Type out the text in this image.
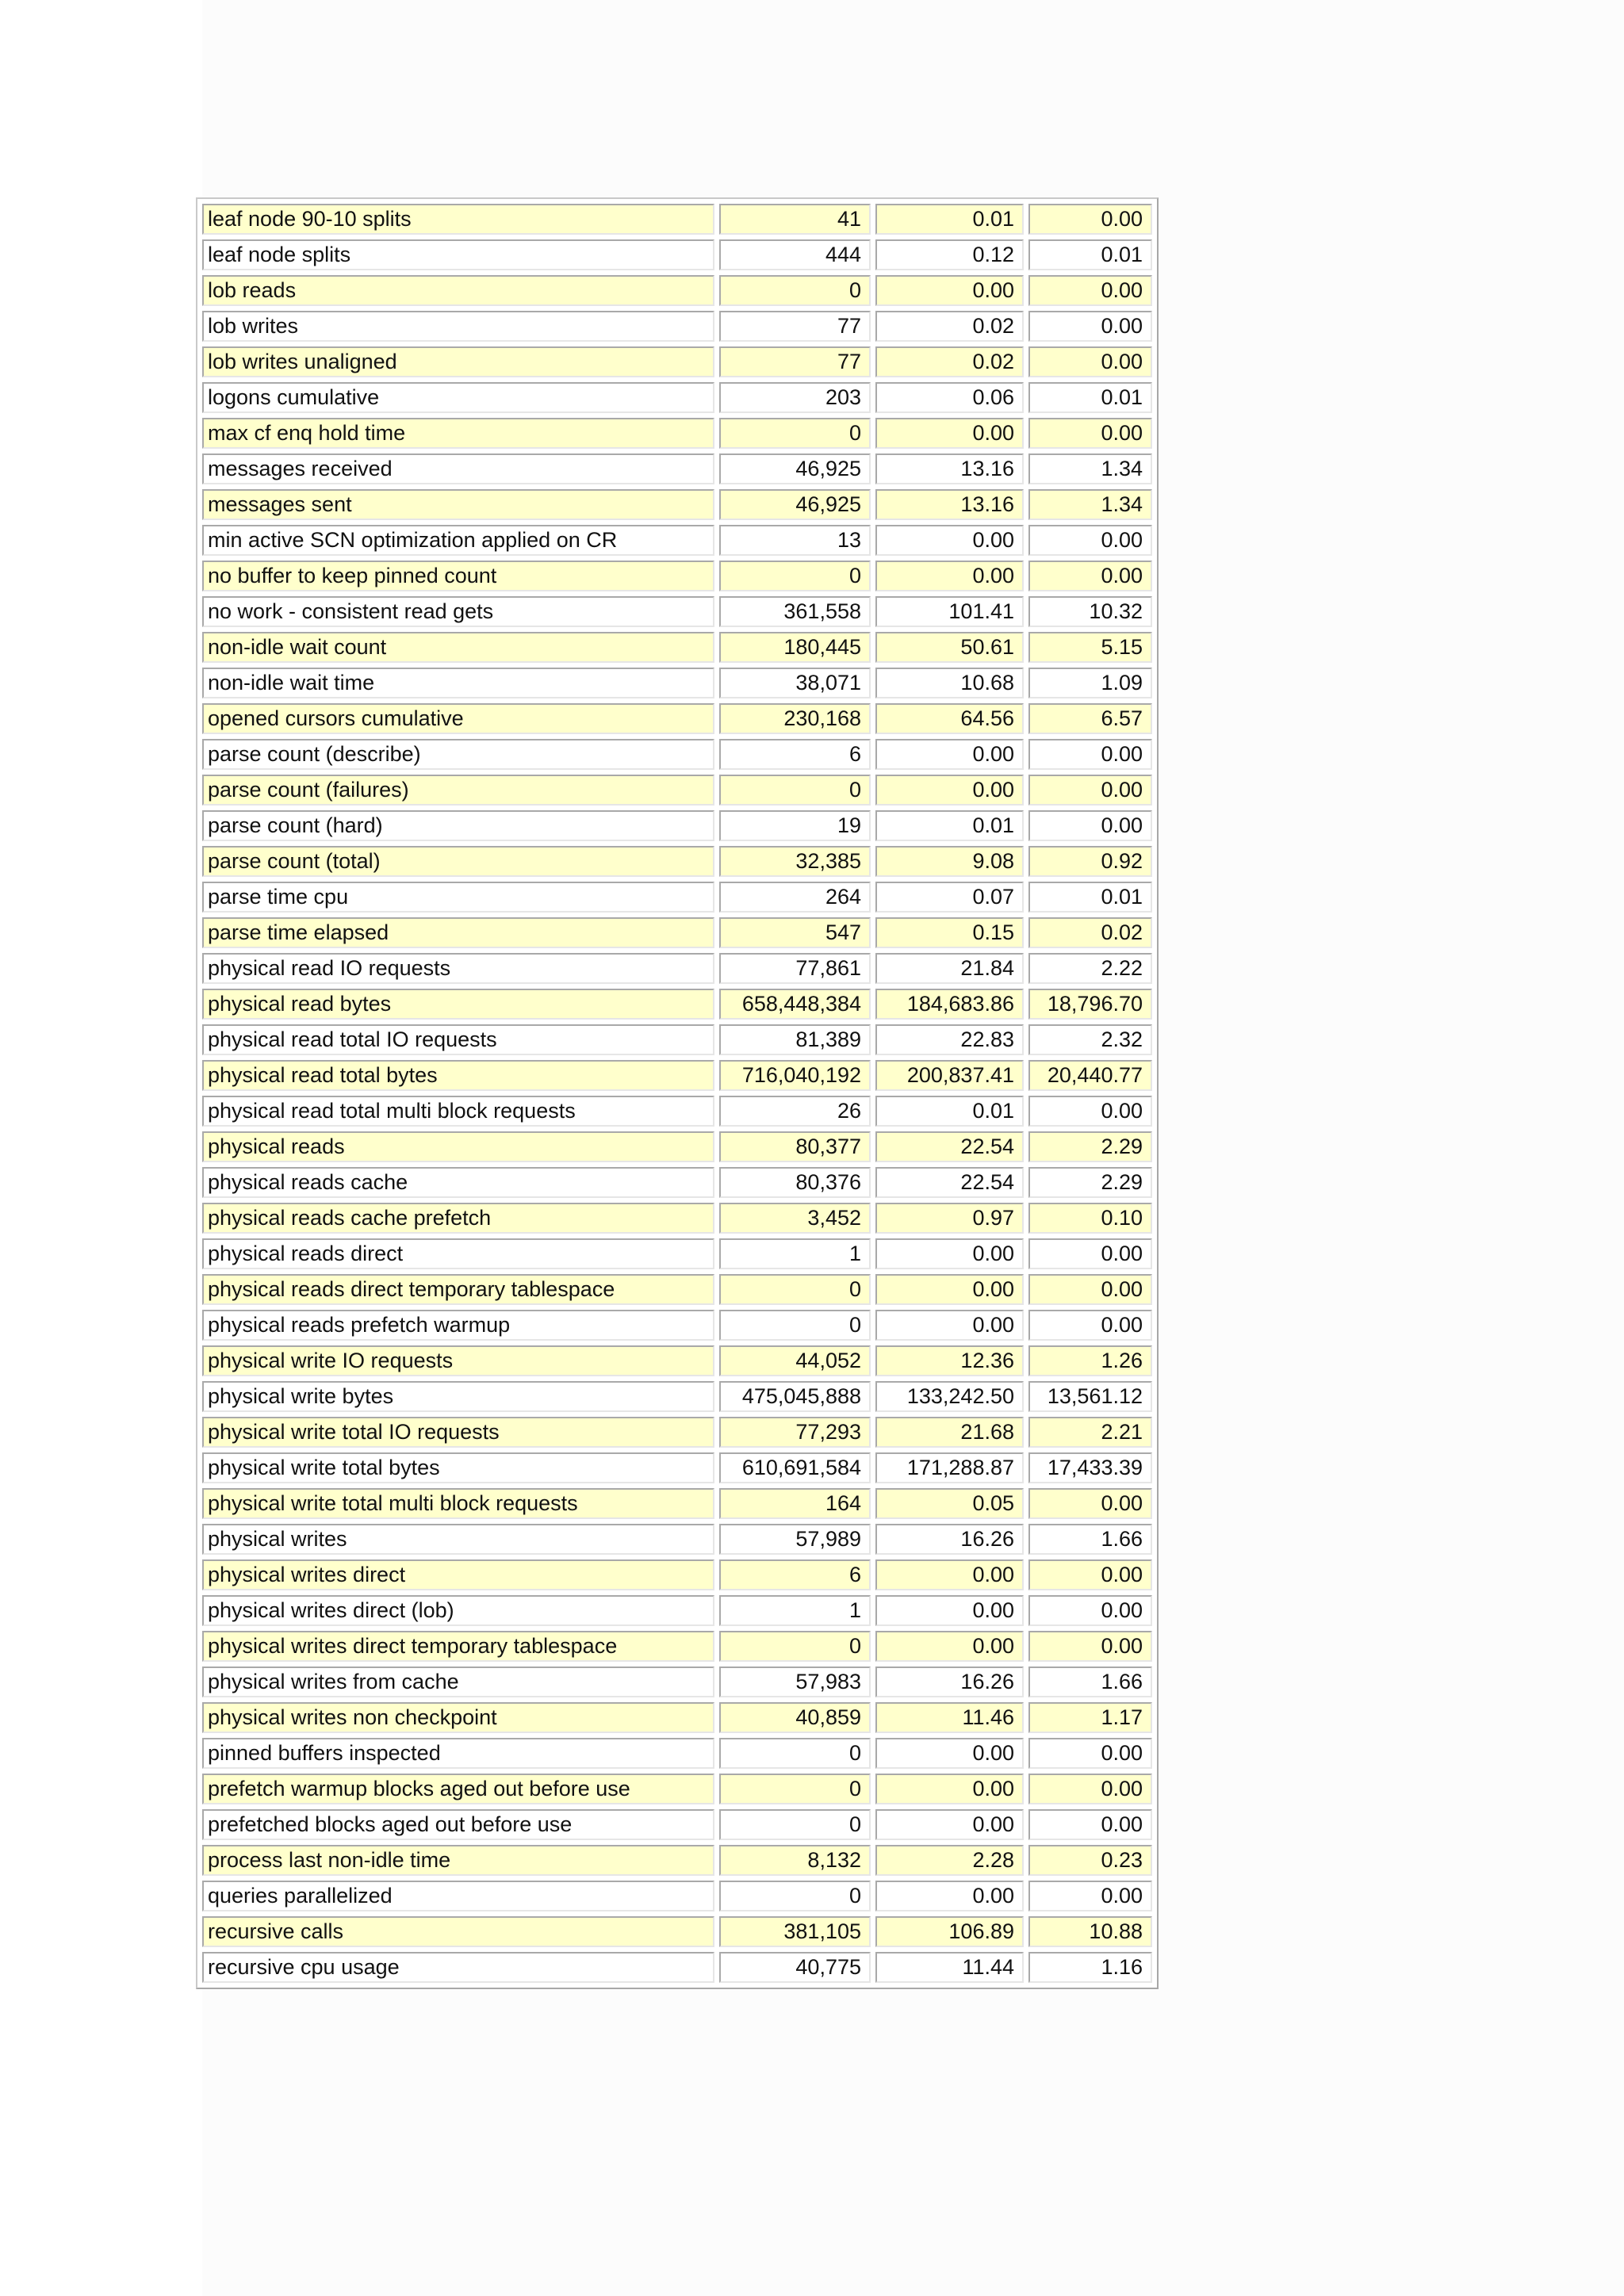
leaf node 90-10 splits	41	0.01	0.00
leaf node splits	444	0.12	0.01
lob reads	0	0.00	0.00
lob writes	77	0.02	0.00
lob writes unaligned	77	0.02	0.00
logons cumulative	203	0.06	0.01
max cf enq hold time	0	0.00	0.00
messages received	46,925	13.16	1.34
messages sent	46,925	13.16	1.34
min active SCN optimization applied on CR	13	0.00	0.00
no buffer to keep pinned count	0	0.00	0.00
no work - consistent read gets	361,558	101.41	10.32
non-idle wait count	180,445	50.61	5.15
non-idle wait time	38,071	10.68	1.09
opened cursors cumulative	230,168	64.56	6.57
parse count (describe)	6	0.00	0.00
parse count (failures)	0	0.00	0.00
parse count (hard)	19	0.01	0.00
parse count (total)	32,385	9.08	0.92
parse time cpu	264	0.07	0.01
parse time elapsed	547	0.15	0.02
physical read IO requests	77,861	21.84	2.22
physical read bytes	658,448,384	184,683.86	18,796.70
physical read total IO requests	81,389	22.83	2.32
physical read total bytes	716,040,192	200,837.41	20,440.77
physical read total multi block requests	26	0.01	0.00
physical reads	80,377	22.54	2.29
physical reads cache	80,376	22.54	2.29
physical reads cache prefetch	3,452	0.97	0.10
physical reads direct	1	0.00	0.00
physical reads direct temporary tablespace	0	0.00	0.00
physical reads prefetch warmup	0	0.00	0.00
physical write IO requests	44,052	12.36	1.26
physical write bytes	475,045,888	133,242.50	13,561.12
physical write total IO requests	77,293	21.68	2.21
physical write total bytes	610,691,584	171,288.87	17,433.39
physical write total multi block requests	164	0.05	0.00
physical writes	57,989	16.26	1.66
physical writes direct	6	0.00	0.00
physical writes direct (lob)	1	0.00	0.00
physical writes direct temporary tablespace	0	0.00	0.00
physical writes from cache	57,983	16.26	1.66
physical writes non checkpoint	40,859	11.46	1.17
pinned buffers inspected	0	0.00	0.00
prefetch warmup blocks aged out before use	0	0.00	0.00
prefetched blocks aged out before use	0	0.00	0.00
process last non-idle time	8,132	2.28	0.23
queries parallelized	0	0.00	0.00
recursive calls	381,105	106.89	10.88
recursive cpu usage	40,775	11.44	1.16
